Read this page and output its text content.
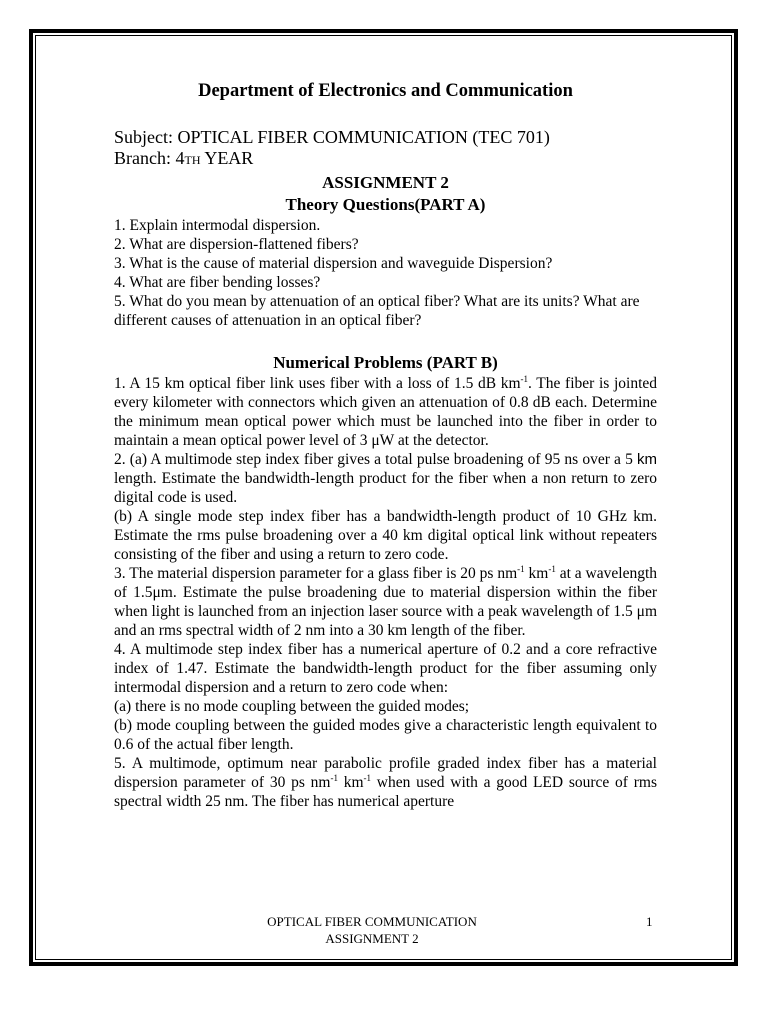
Department of Electronics and Communication

Subject: OPTICAL FIBER COMMUNICATION (TEC 701)

Branch: 4TH YEAR

ASSIGNMENT 2

Theory Questions(PART A)

1. Explain intermodal dispersion.

2. What are dispersion-flattened fibers?

3. What is the cause of material dispersion and waveguide Dispersion?

4. What are fiber bending losses?

5. What do you mean by attenuation of an optical fiber? What are its units? What are different causes of attenuation in an optical fiber?

Numerical Problems (PART B)

1. A 15 km optical fiber link uses fiber with a loss of 1.5 dB $km^{-1}$. The fiber is jointed every kilometer with connectors which given an attenuation of 0.8 dB each. Determine the minimum mean optical power which must be launched into the fiber in order to maintain a mean optical power level of 3 μW at the detector.

2. (a) A multimode step index fiber gives a total pulse broadening of 95 ns over a 5 km length. Estimate the bandwidth-length product for the fiber when a non return to zero digital code is used.

(b) A single mode step index fiber has a bandwidth-length product of 10 GHz km. Estimate the rms pulse broadening over a 40 km digital optical link without repeaters consisting of the fiber and using a return to zero code.

3. The material dispersion parameter for a glass fiber is 20 ps $nm^{-1}$ $km^{-1}$ at a wavelength of 1.5μm. Estimate the pulse broadening due to material dispersion within the fiber when light is launched from an injection laser source with a peak wavelength of 1.5 μm and an rms spectral width of 2 nm into a 30 km length of the fiber.

4. A multimode step index fiber has a numerical aperture of 0.2 and a core refractive index of 1.47. Estimate the bandwidth-length product for the fiber assuming only intermodal dispersion and a return to zero code when:

(a) there is no mode coupling between the guided modes;

(b) mode coupling between the guided modes give a characteristic length equivalent to 0.6 of the actual fiber length.

5. A multimode, optimum near parabolic profile graded index fiber has a material dispersion parameter of 30 ps $nm^{-1}$ $km^{-1}$ when used with a good LED source of rms spectral width 25 nm. The fiber has numerical aperture

OPTICAL FIBER COMMUNICATION
ASSIGNMENT 2
1
